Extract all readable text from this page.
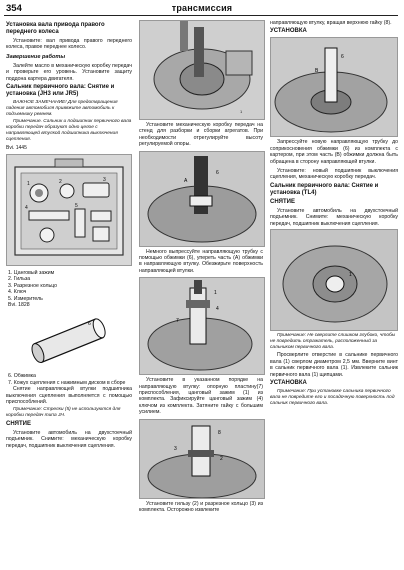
354	трансмиссия
Установка вала привода правого переднего колеса
Установите: вал привода правого переднего колеса, правое переднее колесо.
Завершение работы
Залейте масло в механическую коробку передач и проверьте его уровень. Установите защиту поддона картера двигателя.
Сальник первичного вала: Снятие и установка (JH3 или JR5)
ВАЖНОЕ ЗАМЕЧАНИЕ! Для предотвращения падения автомобиля привяжите автомобиль к подъемнику ремнем.
Примечание. Сальник и подшипник первичного вала коробки передач образуют одно целое с направляющей втулкой подшипника выключения сцепления.
Bvi. 1445
1	2	3
4	5
1. Цанговый зажим
2. Гильза
3. Разрезное кольцо
4. Ключ
5. Измеритель
Bvi. 1828
6
6. Обжимка
7. Кожух сцепления с нажимным диском в сборе
Снятие направляющей втулки подшипника выключения сцепления выполняется с помощью приспособлений.
Примечание: Стрелки (5) не используются для коробки передач типа JH.
СНЯТИЕ
Установите автомобиль на двухстоечный подъемник. Снимите: механическую коробку передач, подшипник выключения сцепления.
1
Установите механическую коробку передач на стенд для разборки и сборки агрегатов. При необходимости отрегулируйте высоту регулируемой опоры.
A
6
Немного выпрессуйте направляющую трубку с помощью обжимки (6), упереть часть (A) обжимки в направляющую втулку. Обезжирьте поверхность направляющей втулки.
1
4
7
Установите в указанном порядке на направляющую втулку: опорную пластину(7) приспособления, цанговый зажим (1) из комплекта. Зафиксируйте цанговый зажим (4) ключом из комплекта. Затяните гайку с большим усилием.
8
3
2
Установите гильзу (2) и разрезное кольцо (3) из комплекта. Осторожно извлеките
направляющую втулку, вращая верхнюю гайку (8).
УСТАНОВКА
6
B
Запрессуйте новую направляющую трубку до соприкосновения обжимки (6) из комплекта с картером, при этом часть (B) обжимки должна быть обращена в сторону направляющей втулки.
Установите: новый подшипник выключения сцепления, механическую коробку передач.
Сальник первичного вала: Снятие и установка (TL4)
СНЯТИЕ
Установите автомобиль на двухстоечный подъемник. Снимите: механическую коробку передач, подшипник выключения сцепления.
1
Примечание: Не сверлите слишком глубоко, чтобы не повредить отражатель, расположенный за сальником первичного вала.
Просверлите отверстие в сальнике первичного вала (1) сверлом диаметром 2,5 мм. Вверните винт в сальник первичного вала (1). Извлеките сальник первичного вала (1) щипцами.
УСТАНОВКА
Примечание: При установке сальника первичного вала не повредите его и посадочную поверхность под сальник первичного вала.
